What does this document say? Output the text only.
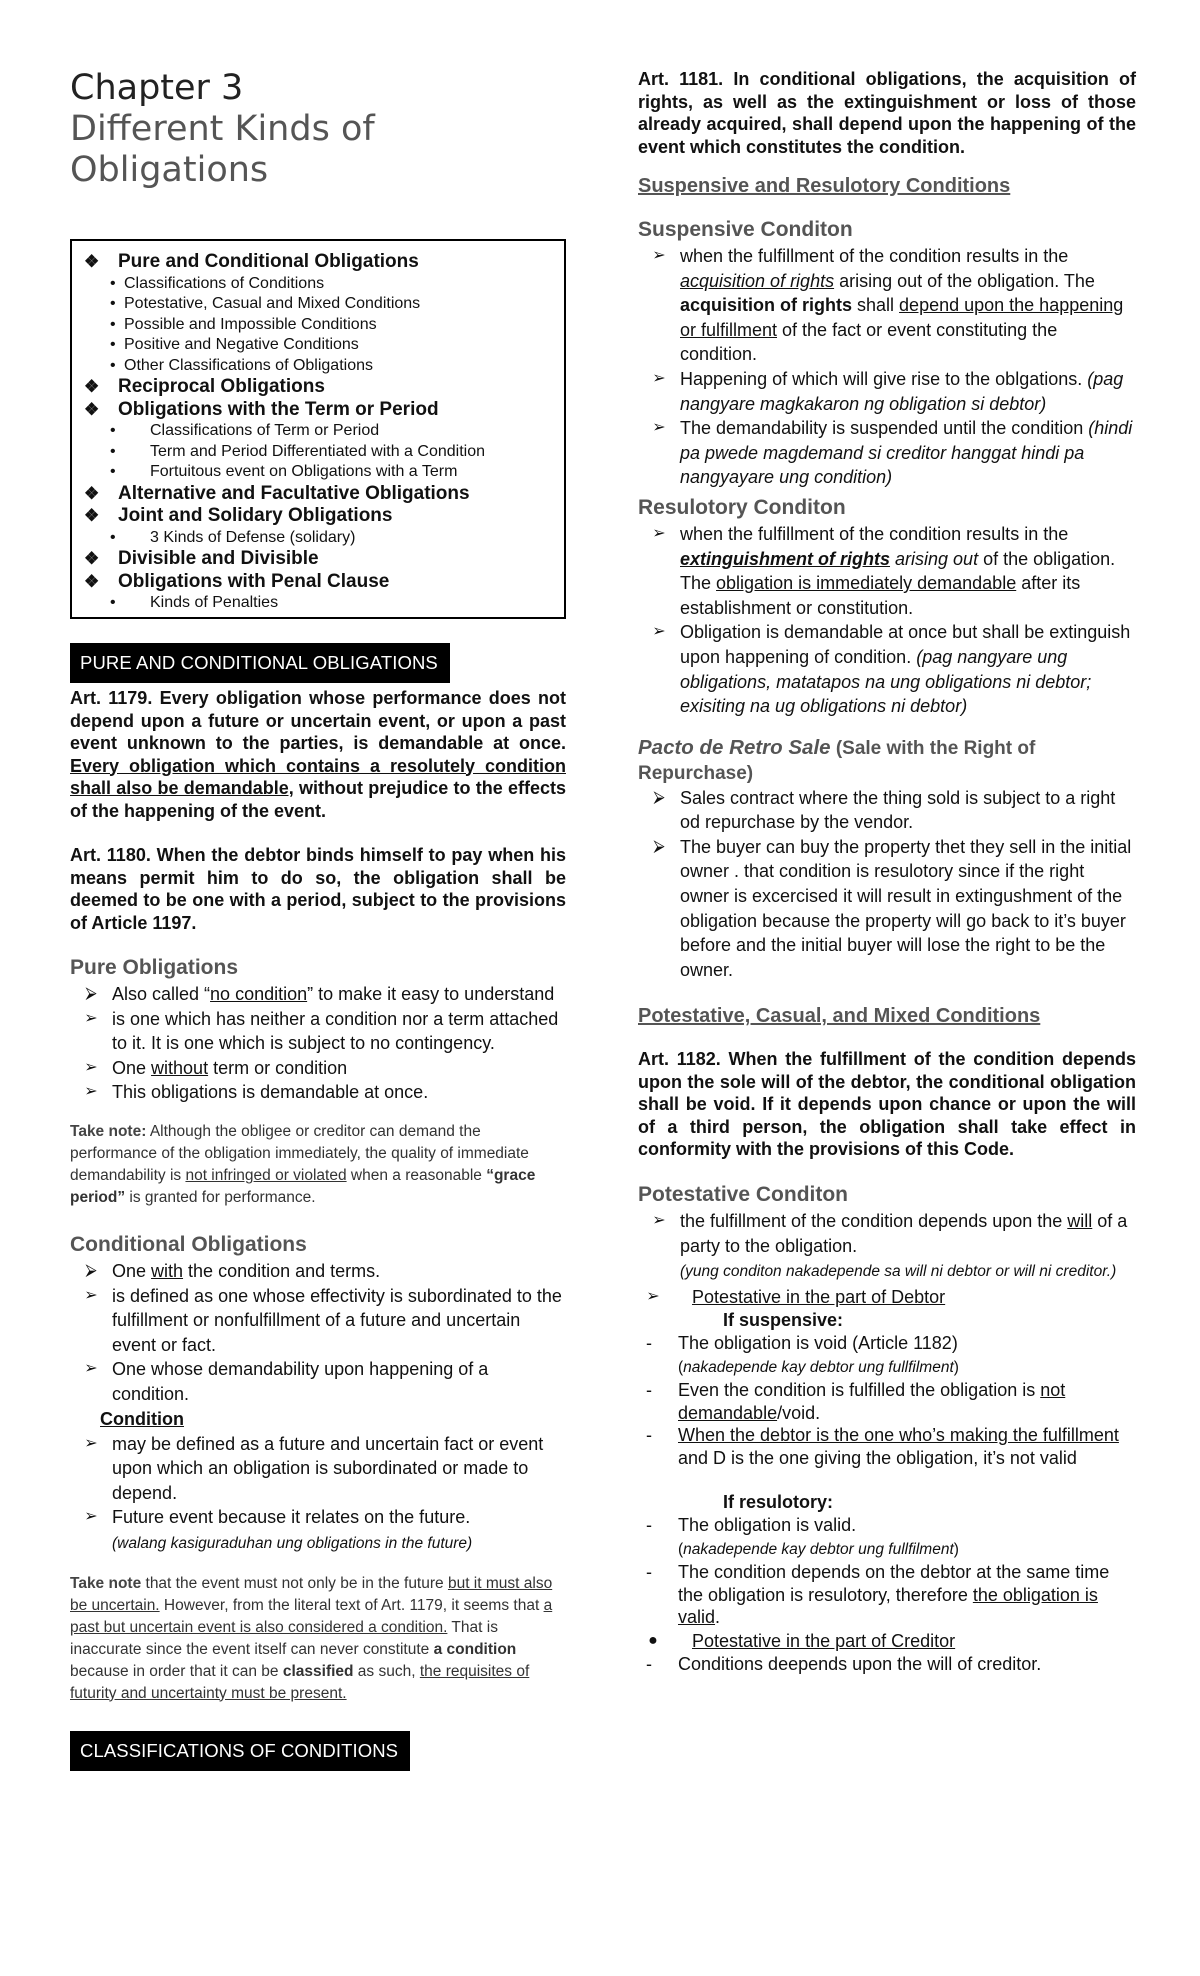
Chapter 3

Different Kinds of

Obligations

❖ Pure and Conditional Obligations
• Classifications of Conditions
• Potestative, Casual and Mixed Conditions
• Possible and Impossible Conditions
• Positive and Negative Conditions
• Other Classifications of Obligations
❖ Reciprocal Obligations
❖ Obligations with the Term or Period
•	Classifications of Term or Period
•	Term and Period Differentiated with a Condition
•	Fortuitous event on Obligations with a Term
❖ Alternative and Facultative Obligations
❖ Joint and Solidary Obligations
•	3 Kinds of Defense (solidary)
❖ Divisible and Divisible
❖ Obligations with Penal Clause
•	Kinds of Penalties
PURE AND CONDITIONAL OBLIGATIONS

Art. 1179. Every obligation whose performance does not depend upon a future or uncertain event, or upon a past event unknown to the parties, is demandable at once. Every obligation which contains a resolutely condition shall also be demandable, without prejudice to the effects of the happening of the event.

Art. 1180. When the debtor binds himself to pay when his means permit him to do so, the obligation shall be deemed to be one with a period, subject to the provisions of Article 1197.

Pure Obligations

⮚ Also called “no condition” to make it easy to understand
➢ is one which has neither a condition nor a term attached to it. It is one which is subject to no contingency.
➢ One without term or condition
➢ This obligations is demandable at once.

Take note: Although the obligee or creditor can demand the performance of the obligation immediately, the quality of immediate demandability is not infringed or violated when a reasonable “grace period” is granted for performance.

Conditional Obligations

⮚ One with the condition and terms.
➢ is defined as one whose effectivity is subordinated to the fulfillment or nonfulfillment of a future and uncertain event or fact.
➢ One whose demandability upon happening of a condition.

Condition

➢ may be defined as a future and uncertain fact or event upon which an obligation is subordinated or made to depend.
➢ Future event because it relates on the future.
(walang kasiguraduhan ung obligations in the future)

Take note that the event must not only be in the future but it must also be uncertain. However, from the literal text of Art. 1179, it seems that a past but uncertain event is also considered a condition. That is inaccurate since the event itself can never constitute a condition because in order that it can be classified as such, the requisites of futurity and uncertainty must be present.

CLASSIFICATIONS OF CONDITIONS

Art. 1181. In conditional obligations, the acquisition of rights, as well as the extinguishment or loss of those already acquired, shall depend upon the happening of the event which constitutes the condition.

Suspensive and Resulotory Conditions

Suspensive Conditon

➢ when the fulfillment of the condition results in the acquisition of rights arising out of the obligation. The acquisition of rights shall depend upon the happening or fulfillment of the fact or event constituting the condition.
➢ Happening of which will give rise to the oblgations. (pag nangyare magkakaron ng obligation si debtor)
➢ The demandability is suspended until the condition (hindi pa pwede magdemand si creditor hanggat hindi pa nangyayare ung condition)

Resulotory Conditon

➢ when the fulfillment of the condition results in the extinguishment of rights arising out of the obligation. The obligation is immediately demandable after its establishment or constitution.
➢ Obligation is demandable at once but shall be extinguish upon happening of condition. (pag nangyare ung obligations, matatapos na ung obligations ni debtor; exisiting na ug obligations ni debtor)

Pacto de Retro Sale (Sale with the Right of Repurchase)

⮚ Sales contract where the thing sold is subject to a right od repurchase by the vendor.
⮚ The buyer can buy the property thet they sell in the initial owner . that condition is resulotory since if the right owner is excercised it will result in extingushment of the obligation because the property will go back to it’s buyer before and the initial buyer will lose the right to be the owner.

Potestative, Casual, and Mixed Conditions

Art. 1182. When the fulfillment of the condition depends upon the sole will of the debtor, the conditional obligation shall be void. If it depends upon chance or upon the will of a third person, the obligation shall take effect in conformity with the provisions of this Code.

Potestative Conditon

➢ the fulfillment of the condition depends upon the will of a party to the obligation.
(yung conditon nakadepende sa will ni debtor or will ni creditor.)
➢	Potestative in the part of Debtor
If suspensive:
-	The obligation is void (Article 1182)
(nakadepende kay debtor ung fullfilment)
-	Even the condition is fulfilled the obligation is not demandable/void.
-	When the debtor is the one who’s making the fulfillment and D is the one giving the obligation, it’s not valid
If resulotory:
-	The obligation is valid.
(nakadepende kay debtor ung fullfilment)
-	The condition depends on the debtor at the same time the obligation is resulotory, therefore the obligation is valid.
●	Potestative in the part of Creditor
-	Conditions deepends upon the will of creditor.
